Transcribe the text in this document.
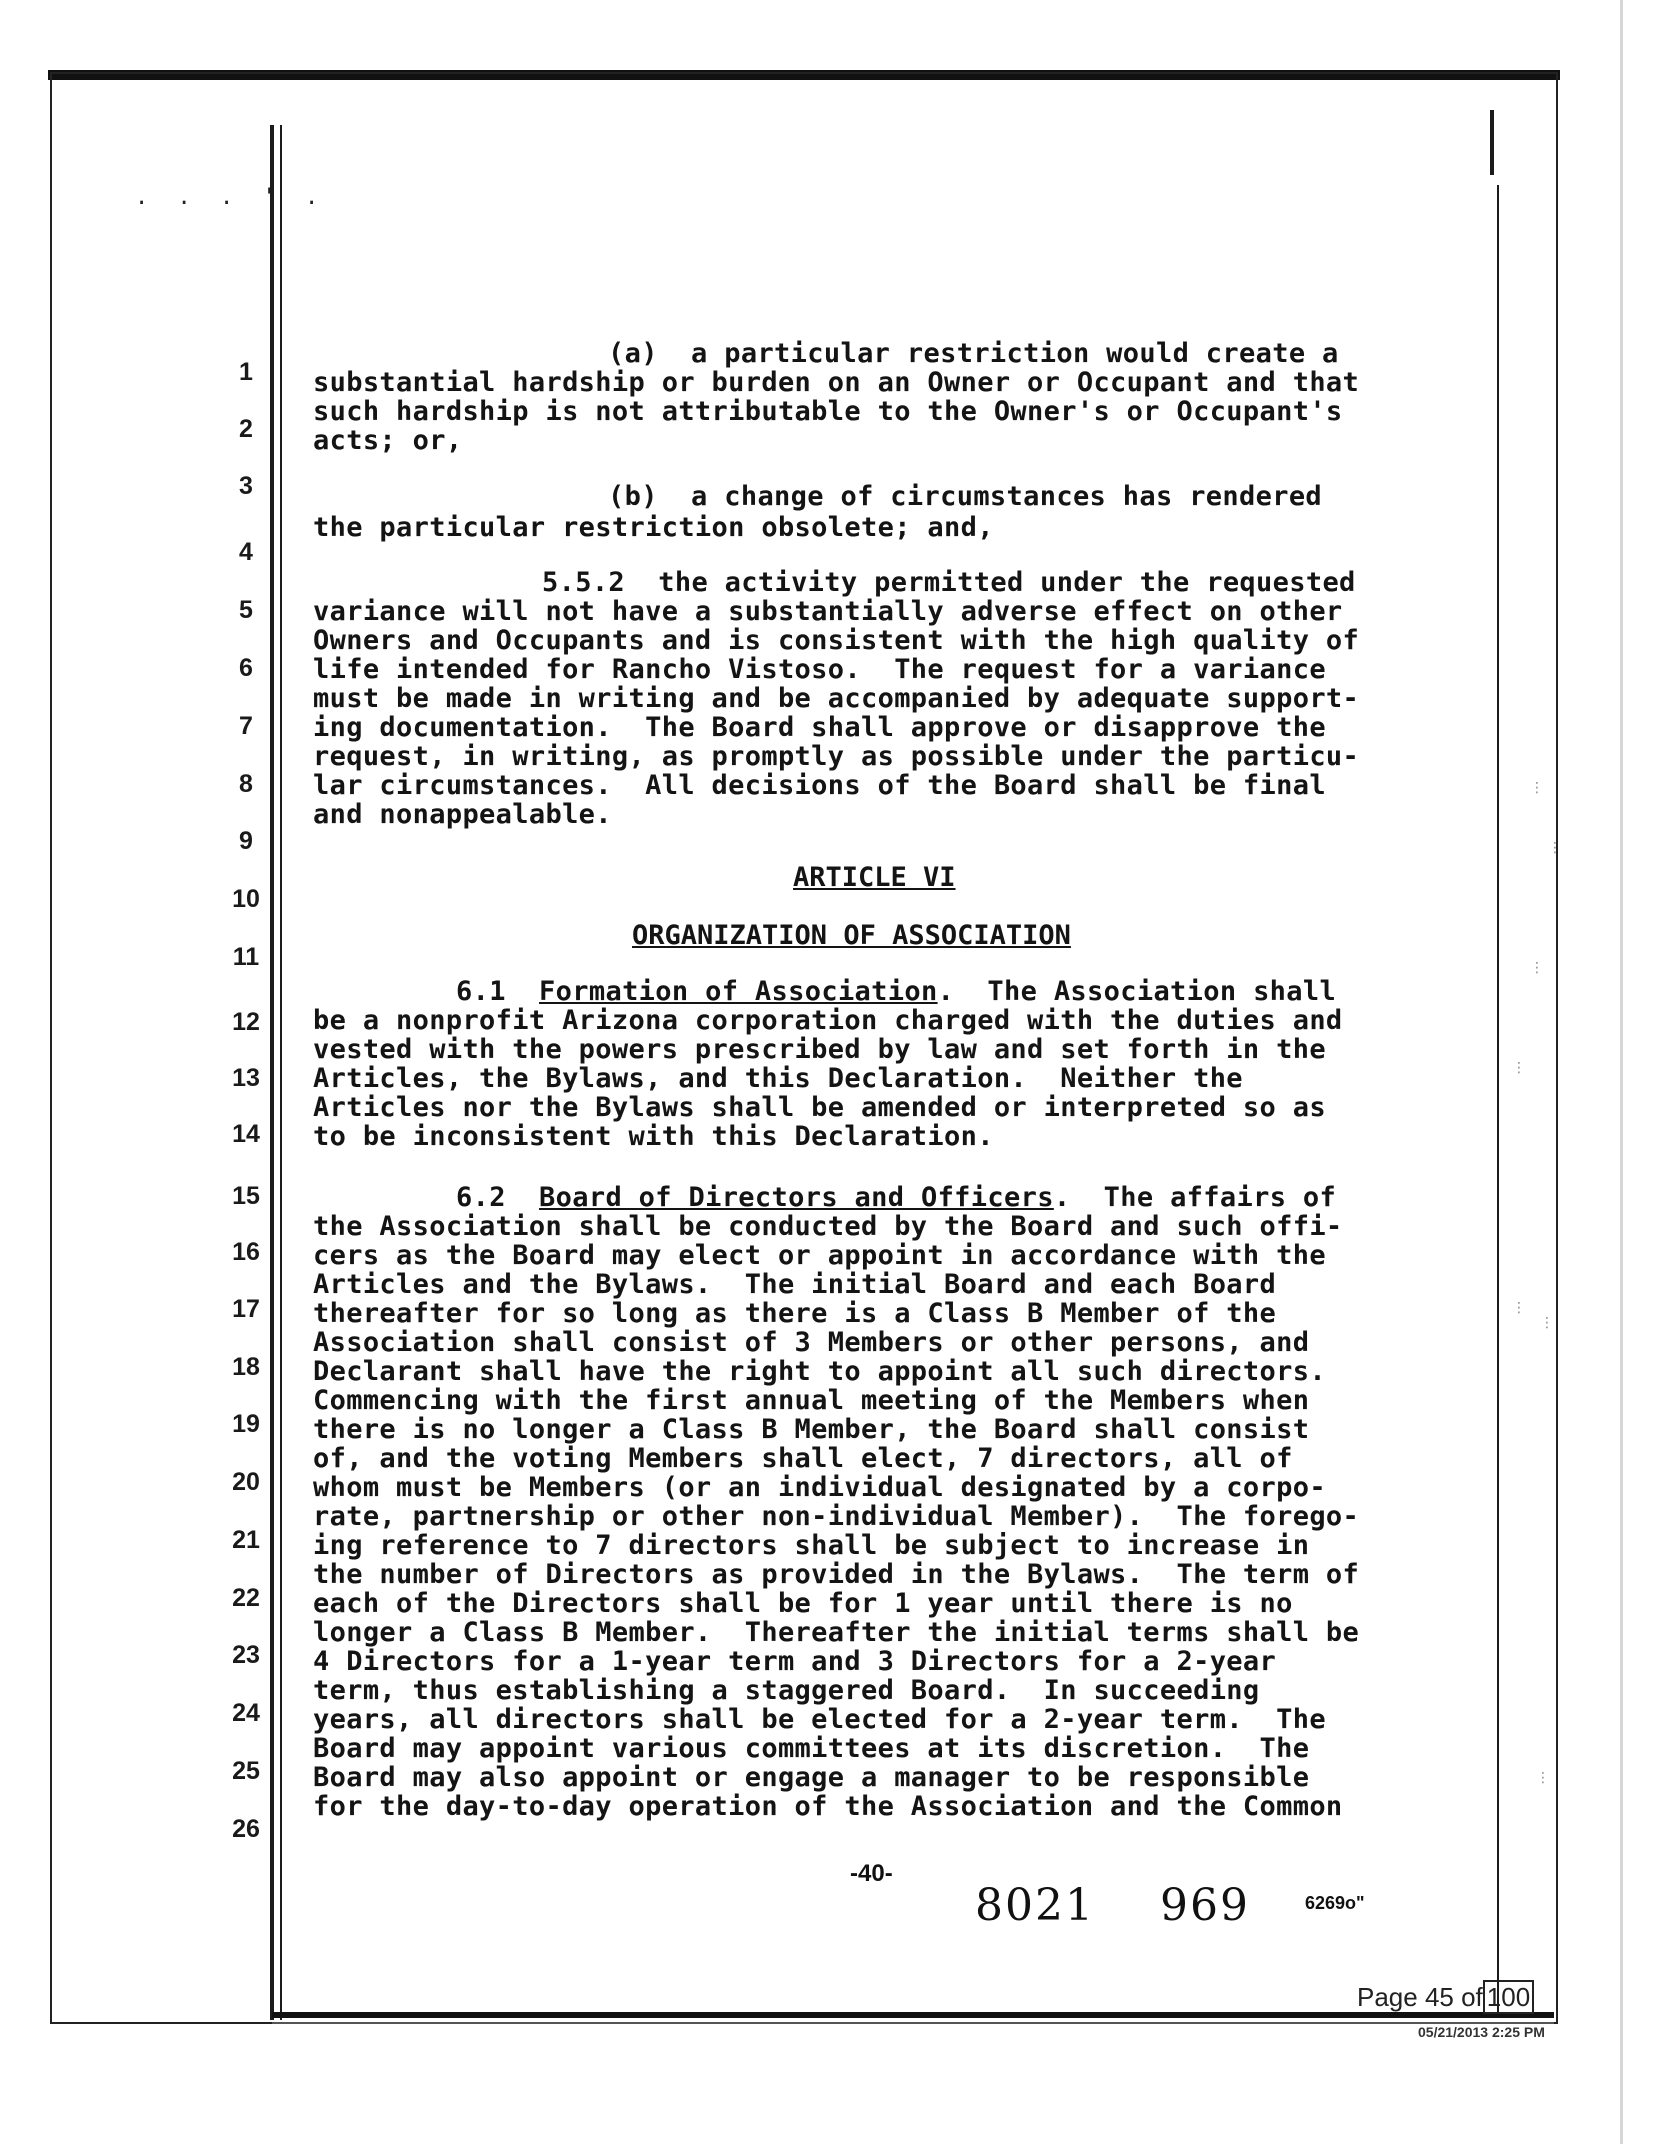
. . . ' .
1
2
3
4
5
6
7
8
9
10
11
12
13
14
15
16
17
18
19
20
21
22
23
24
25
26
(a)  a particular restriction would create a
substantial hardship or burden on an Owner or Occupant and that
such hardship is not attributable to the Owner's or Occupant's
acts; or,
(b)  a change of circumstances has rendered
the particular restriction obsolete; and,
5.5.2  the activity permitted under the requested
variance will not have a substantially adverse effect on other
Owners and Occupants and is consistent with the high quality of
life intended for Rancho Vistoso.  The request for a variance
must be made in writing and be accompanied by adequate support-
ing documentation.  The Board shall approve or disapprove the
request, in writing, as promptly as possible under the particu-
lar circumstances.  All decisions of the Board shall be final
and nonappealable.
ARTICLE VI
ORGANIZATION OF ASSOCIATION
6.1 Formation of Association.  The Association shall
be a nonprofit Arizona corporation charged with the duties and
vested with the powers prescribed by law and set forth in the
Articles, the Bylaws, and this Declaration.  Neither the
Articles nor the Bylaws shall be amended or interpreted so as
to be inconsistent with this Declaration.
6.2 Board of Directors and Officers.  The affairs of
the Association shall be conducted by the Board and such offi-
cers as the Board may elect or appoint in accordance with the
Articles and the Bylaws.  The initial Board and each Board
thereafter for so long as there is a Class B Member of the
Association shall consist of 3 Members or other persons, and
Declarant shall have the right to appoint all such directors.
Commencing with the first annual meeting of the Members when
there is no longer a Class B Member, the Board shall consist
of, and the voting Members shall elect, 7 directors, all of
whom must be Members (or an individual designated by a corpo-
rate, partnership or other non-individual Member).  The forego-
ing reference to 7 directors shall be subject to increase in
the number of Directors as provided in the Bylaws.  The term of
each of the Directors shall be for 1 year until there is no
longer a Class B Member.  Thereafter the initial terms shall be
4 Directors for a 1-year term and 3 Directors for a 2-year
term, thus establishing a staggered Board.  In succeeding
years, all directors shall be elected for a 2-year term.  The
Board may appoint various committees at its discretion.  The
Board may also appoint or engage a manager to be responsible
for the day-to-day operation of the Association and the Common
-40-
8021 969	6269o"
Page 45 of 100
05/21/2013 2:25 PM
⋮
⋮
⋮
⋮
⋮
⋮
⋮
